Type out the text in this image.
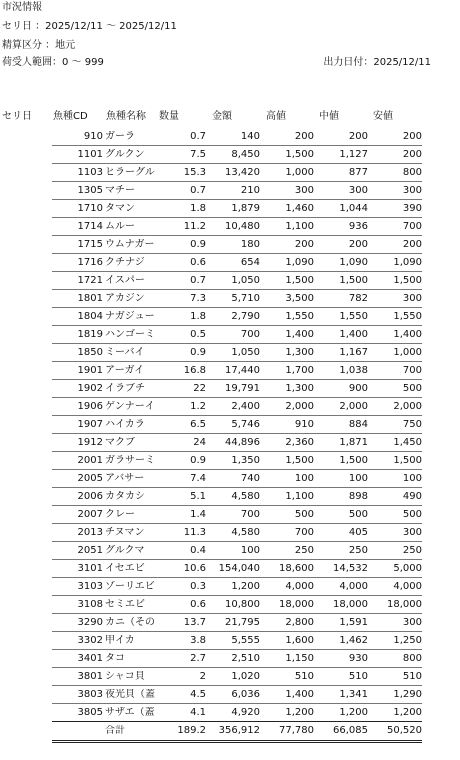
市況情報
セリ日 ：2025/12/11 ～ 2025/12/11
精算区分 ：地元
荷受人範囲：0 ～ 999	出力日付：2025/12/11
セリ日 魚種CD 魚種名称 数量	金額	高値	中値	安値
910 ガーラ	0.7	140	200	200	200
1101 グルクン	7.5	8,450	1,500	1,127	200
1103 ヒラーグル	15.3 13,420	1,000	877	800
1305 マチー	0.7	210	300	300	300
1710 タマン	1.8	1,879	1,460	1,044	390
1714 ムルー	11.2 10,480	1,100	936	700
1715 ウムナガー	0.9	180	200	200	200
1716 クチナジ	0.6	654	1,090	1,090	1,090
1721 イスパー	0.7	1,050	1,500	1,500	1,500
1801 アカジン	7.3	5,710	3,500	782	300
1804 ナガジュー	1.8	2,790	1,550	1,550	1,550
1819 ハンゴーミ	0.5	700	1,400	1,400	1,400
1850 ミーバイ	0.9	1,050	1,300	1,167	1,000
1901 アーガイ	16.8 17,440	1,700	1,038	700
1902 イラブチ	22 19,791	1,300	900	500
1906 ゲンナーイ	1.2	2,400	2,000	2,000	2,000
1907 ハイカラ	6.5	5,746	910	884	750
1912 マクブ	24 44,896	2,360	1,871	1,450
2001 ガラサーミ	0.9	1,350	1,500	1,500	1,500
2005 アバサー	7.4	740	100	100	100
2006 カタカシ	5.1	4,580	1,100	898	490
2007 クレー	1.4	700	500	500	500
2013 チヌマン	11.3	4,580	700	405	300
2051 グルクマ	0.4	100	250	250	250
3101 イセエビ	10.6 154,040 18,600 14,532	5,000
3103 ゾーリエビ	0.3	1,200	4,000	4,000	4,000
3108 セミエビ	0.6 10,800 18,000 18,000 18,000
3290 カニ（その	13.7 21,795	2,800	1,591	300
3302 甲イカ	3.8	5,555	1,600	1,462	1,250
3401 タコ	2.7	2,510	1,150	930	800
3801 シャコ貝	2	1,020	510	510	510
3803 夜光貝（蓋	4.5	6,036	1,400	1,341	1,290
3805 サザエ（蓋	4.1	4,920	1,200	1,200	1,200
合計	189.2 356,912 77,780 66,085 50,520
